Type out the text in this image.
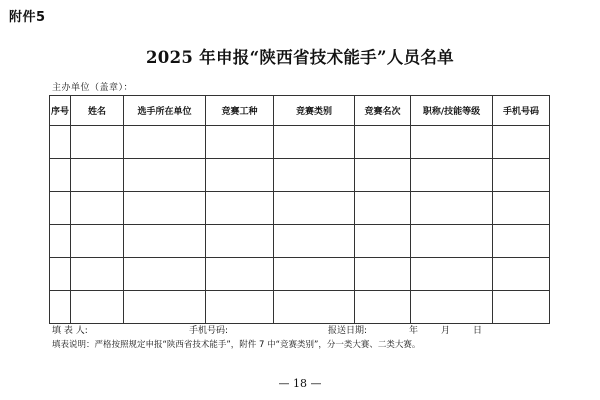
附件5
2025 年申报“陕西省技术能手”人员名单
主办单位（盖章）：
序号	姓名	选手所在单位	竞赛工种	竞赛类别	竞赛名次	职称/技能等级	手机号码

填 表 人:	手机号码:	报送日期:	年	月	日
填表说明：严格按照规定申报“陕西省技术能手”，附件 7 中“竞赛类别”，分一类大赛、二类大赛。
— 18 —
